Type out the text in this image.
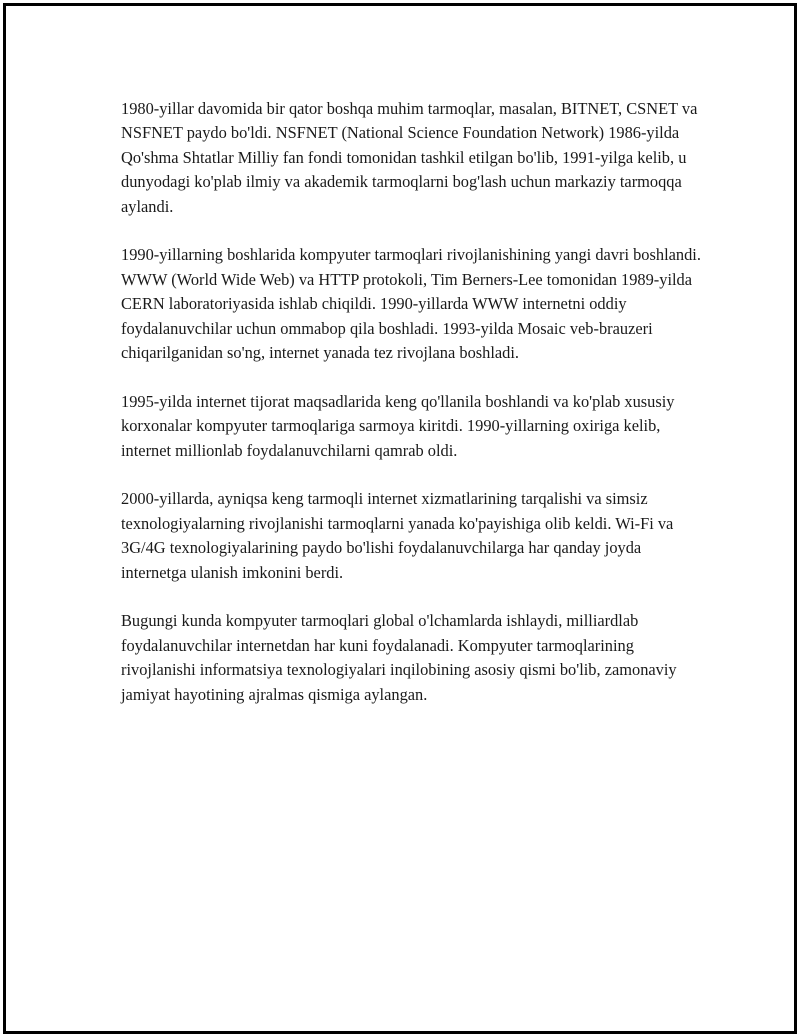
1980-yillar davomida bir qator boshqa muhim tarmoqlar, masalan, BITNET, CSNET va NSFNET paydo bo'ldi. NSFNET (National Science Foundation Network) 1986-yilda Qo'shma Shtatlar Milliy fan fondi tomonidan tashkil etilgan bo'lib, 1991-yilga kelib, u dunyodagi ko'plab ilmiy va akademik tarmoqlarni bog'lash uchun markaziy tarmoqqa aylandi.

1990-yillarning boshlarida kompyuter tarmoqlari rivojlanishining yangi davri boshlandi. WWW (World Wide Web) va HTTP protokoli, Tim Berners-Lee tomonidan 1989-yilda CERN laboratoriyasida ishlab chiqildi. 1990-yillarda WWW internetni oddiy foydalanuvchilar uchun ommabop qila boshladi. 1993-yilda Mosaic veb-brauzeri chiqarilganidan so'ng, internet yanada tez rivojlana boshladi.

1995-yilda internet tijorat maqsadlarida keng qo'llanila boshlandi va ko'plab xususiy korxonalar kompyuter tarmoqlariga sarmoya kiritdi. 1990-yillarning oxiriga kelib, internet millionlab foydalanuvchilarni qamrab oldi.

2000-yillarda, ayniqsa keng tarmoqli internet xizmatlarining tarqalishi va simsiz texnologiyalarning rivojlanishi tarmoqlarni yanada ko'payishiga olib keldi. Wi-Fi va 3G/4G texnologiyalarining paydo bo'lishi foydalanuvchilarga har qanday joyda internetga ulanish imkonini berdi.

Bugungi kunda kompyuter tarmoqlari global o'lchamlarda ishlaydi, milliardlab foydalanuvchilar internetdan har kuni foydalanadi. Kompyuter tarmoqlarining rivojlanishi informatsiya texnologiyalari inqilobining asosiy qismi bo'lib, zamonaviy jamiyat hayotining ajralmas qismiga aylangan.
